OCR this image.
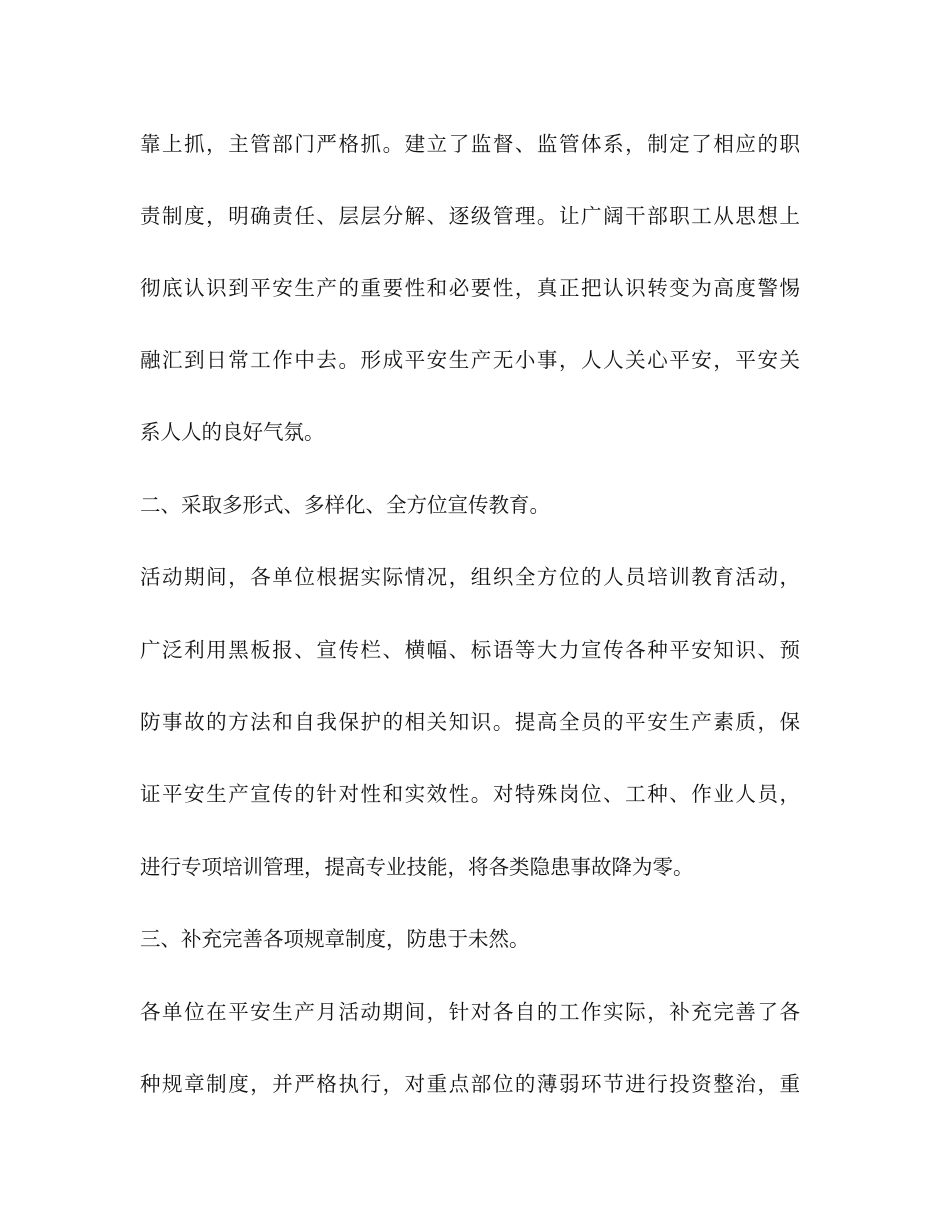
靠上抓，主管部门严格抓。建立了监督、监管体系，制定了相应的职
责制度，明确责任、层层分解、逐级管理。让广阔干部职工从思想上
彻底认识到平安生产的重要性和必要性，真正把认识转变为高度警惕
融汇到日常工作中去。形成平安生产无小事，人人关心平安，平安关
系人人的良好气氛。
二、采取多形式、多样化、全方位宣传教育。
活动期间，各单位根据实际情况，组织全方位的人员培训教育活动，
广泛利用黑板报、宣传栏、横幅、标语等大力宣传各种平安知识、预
防事故的方法和自我保护的相关知识。提高全员的平安生产素质，保
证平安生产宣传的针对性和实效性。对特殊岗位、工种、作业人员，
进行专项培训管理，提高专业技能，将各类隐患事故降为零。
三、补充完善各项规章制度，防患于未然。
各单位在平安生产月活动期间，针对各自的工作实际，补充完善了各
种规章制度，并严格执行，对重点部位的薄弱环节进行投资整治，重
